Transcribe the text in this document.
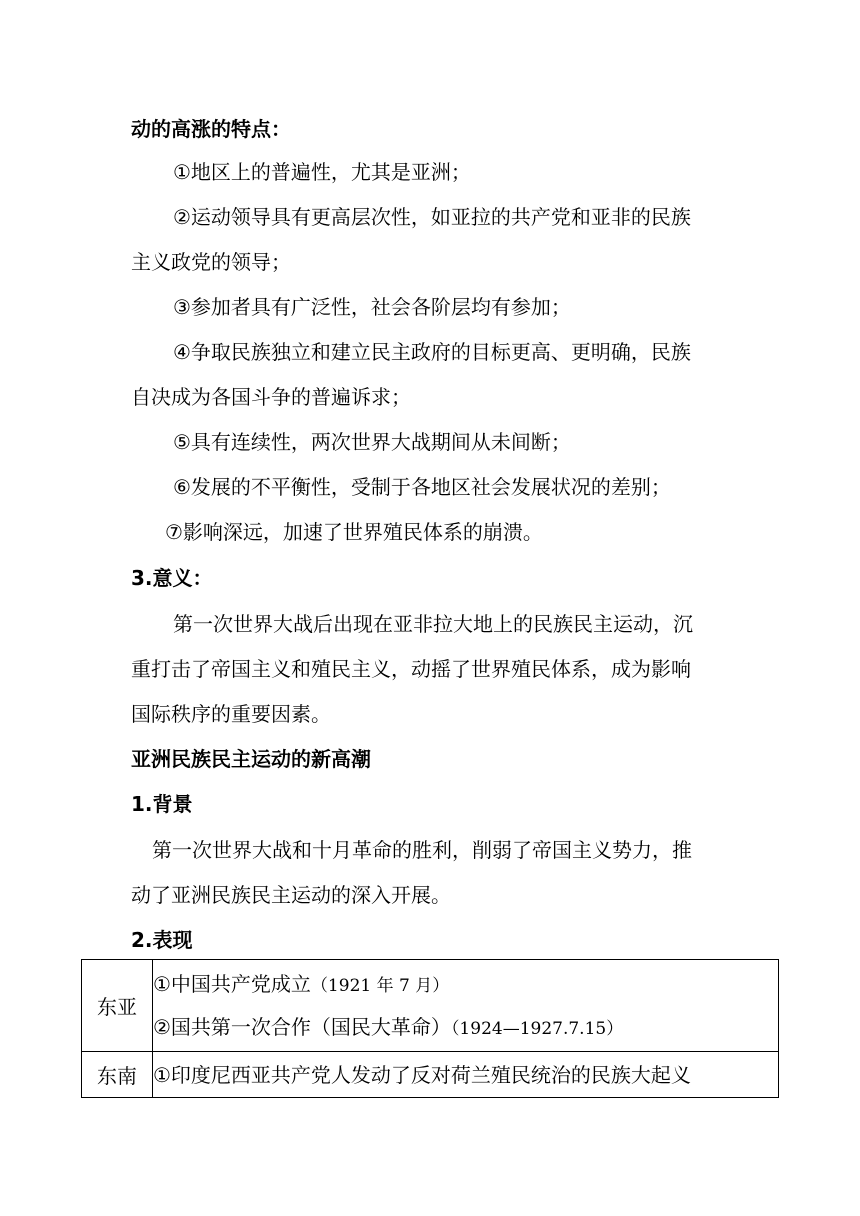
动的高涨的特点：
①地区上的普遍性，尤其是亚洲；
②运动领导具有更高层次性，如亚拉的共产党和亚非的民族
主义政党的领导；
③参加者具有广泛性，社会各阶层均有参加；
④争取民族独立和建立民主政府的目标更高、更明确，民族
自决成为各国斗争的普遍诉求；
⑤具有连续性，两次世界大战期间从未间断；
⑥发展的不平衡性，受制于各地区社会发展状况的差别；
⑦影响深远，加速了世界殖民体系的崩溃。
3.意义：
第一次世界大战后出现在亚非拉大地上的民族民主运动，沉
重打击了帝国主义和殖民主义，动摇了世界殖民体系，成为影响
国际秩序的重要因素。
亚洲民族民主运动的新高潮
1.背景
第一次世界大战和十月革命的胜利，削弱了帝国主义势力，推
动了亚洲民族民主运动的深入开展。
2.表现
东亚	①中国共产党成立（1921 年 7 月）
②国共第一次合作（国民大革命）（1924—1927.7.15）

东南	①印度尼西亚共产党人发动了反对荷兰殖民统治的民族大起义
